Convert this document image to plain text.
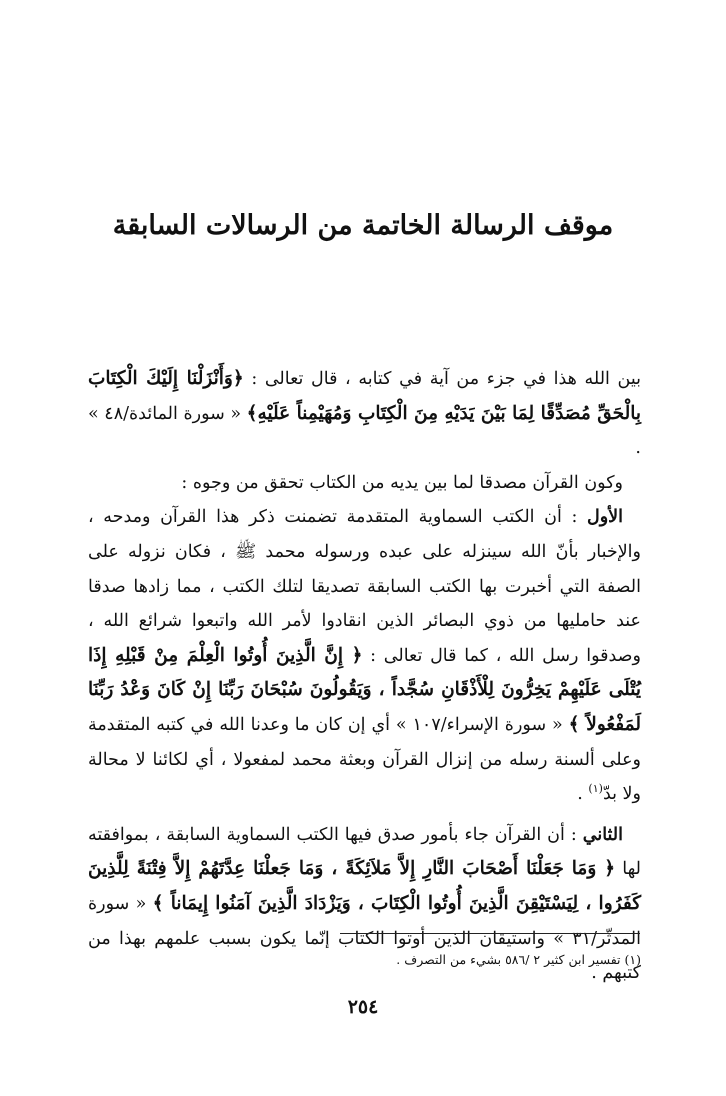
موقف الرسالة الخاتمة من الرسالات السابقة

بين الله هذا في جزء من آية في كتابه ، قال تعالى : ﴿وَأَنْزَلْنَا إِلَيْكَ الْكِتَابَ بِالْحَقِّ مُصَدِّقًا لِمَا بَيْنَ يَدَيْهِ مِنَ الْكِتَابِ وَمُهَيْمِناً عَلَيْهِ﴾ « سورة المائدة/٤٨ » .

وكون القرآن مصدقا لما بين يديه من الكتاب تحقق من وجوه :

الأول : أن الكتب السماوية المتقدمة تضمنت ذكر هذا القرآن ومدحه ، والإخبار بأنّ الله سينزله على عبده ورسوله محمد ﷺ ، فكان نزوله على الصفة التي أخبرت بها الكتب السابقة تصديقا لتلك الكتب ، مما زادها صدقا عند حامليها من ذوي البصائر الذين انقادوا لأمر الله واتبعوا شرائع الله ، وصدقوا رسل الله ، كما قال تعالى : ﴿ إِنَّ الَّذِينَ أُوتُوا الْعِلْمَ مِنْ قَبْلِهِ إِذَا يُتْلَى عَلَيْهِمْ يَخِرُّونَ لِلْأَذْقَانِ سُجَّداً ، وَيَقُولُونَ سُبْحَانَ رَبِّنَا إِنْ كَانَ وَعْدُ رَبِّنَا لَمَفْعُولاً ﴾ « سورة الإسراء/١٠٧ » أي إن كان ما وعدنا الله في كتبه المتقدمة وعلى ألسنة رسله من إنزال القرآن وبعثة محمد لمفعولا ، أي لكائنا لا محالة ولا بدّ$^{(١)}$ .

الثاني : أن القرآن جاء بأمور صدق فيها الكتب السماوية السابقة ، بموافقته لها ﴿ وَمَا جَعَلْنَا أَصْحَابَ النَّارِ إِلاَّ مَلاَئِكَةً ، وَمَا جَعلْنَا عِدَّتَهُمْ إِلاَّ فِتْنَةً لِلَّذِينَ كَفَرُوا ، لِيَسْتَيْقِنَ الَّذِينَ أُوتُوا الْكِتَابَ ، وَيَزْدَادَ الَّذِينَ آمَنُوا إِيمَاناً ﴾ « سورة المدثّر/٣١ » واستيقان الذين أوتوا الكتاب إنّما يكون بسبب علمهم بهذا من كتبهم .

(١) تفسير ابن كثير ٢ /٥٨٦ بشيء من التصرف .

٢٥٤
